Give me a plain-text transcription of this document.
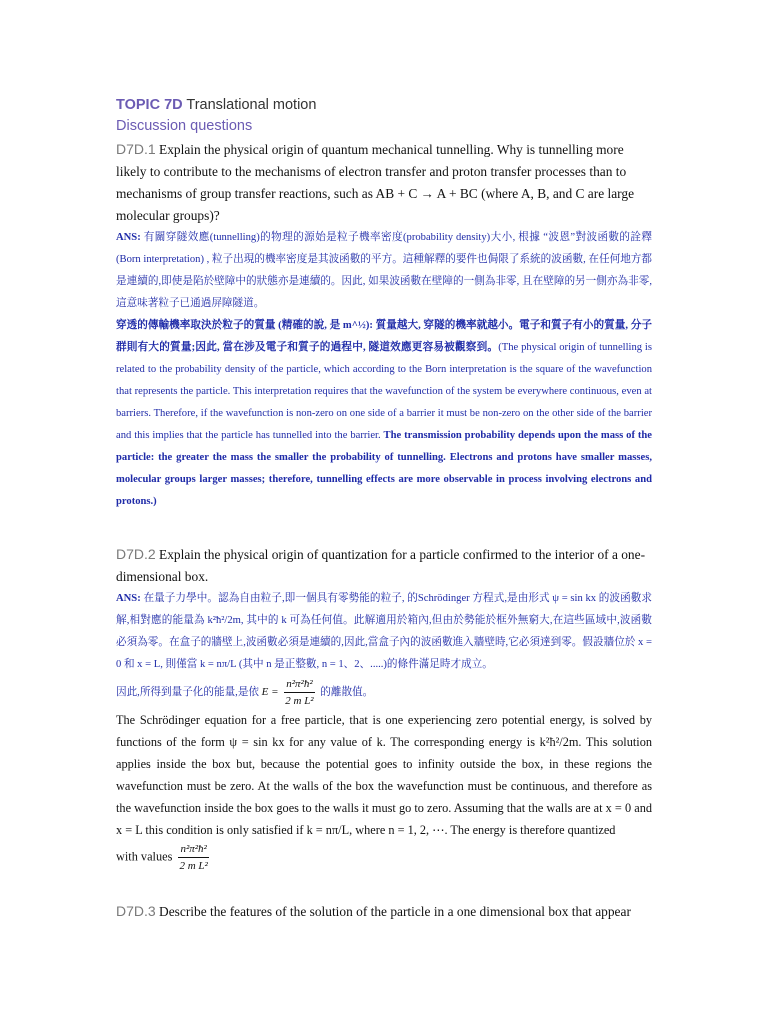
TOPIC 7D Translational motion
Discussion questions
D7D.1 Explain the physical origin of quantum mechanical tunnelling. Why is tunnelling more likely to contribute to the mechanisms of electron transfer and proton transfer processes than to mechanisms of group transfer reactions, such as AB + C → A + BC (where A, B, and C are large molecular groups)?
ANS: 有關穿隧效應(tunnelling)的物理的源始是粒子機率密度(probability density)大小, 根據 “波恩”對波函數的詮釋(Born interpretation) , 粒子出現的機率密度是其波函數的平方。這種解釋的要件也侷限了系統的波函數, 在任何地方都是連續的,即使是陷於壁障中的狀態亦是連續的。因此, 如果波函數在壁障的一側為非零, 且在壁障的另一側亦為非零, 這意味著粒子已通過屏障隧道。
穿透的傳輸機率取決於粒子的質量 (精確的說, 是 m^½): 質量越大, 穿隧的機率就越小。電子和質子有小的質量, 分子群則有大的質量;因此, 當在涉及電子和質子的過程中, 隧道效應更容易被觀察到。(The physical origin of tunnelling is related to the probability density of the particle, which according to the Born interpretation is the square of the wavefunction that represents the particle. This interpretation requires that the wavefunction of the system be everywhere continuous, even at barriers. Therefore, if the wavefunction is non-zero on one side of a barrier it must be non-zero on the other side of the barrier and this implies that the particle has tunnelled into the barrier. The transmission probability depends upon the mass of the particle: the greater the mass the smaller the probability of tunnelling. Electrons and protons have smaller masses, molecular groups larger masses; therefore, tunnelling effects are more observable in process involving electrons and protons.)
D7D.2 Explain the physical origin of quantization for a particle confirmed to the interior of a one-dimensional box.
ANS: 在量子力學中。認為自由粒子,即一個具有零勢能的粒子, 的Schrödinger 方程式,是由形式 ψ = sin kx 的波函數求解,相對應的能量為 k²ħ²/2m, 其中的 k 可為任何值。此解適用於箱內,但由於勢能於框外無窮大,在這些區域中,波函數必須為零。在盒子的牆壁上,波函數必須是連續的,因此,當盒子內的波函數進入牆壁時,它必須達到零。假設牆位於 x = 0 和 x = L, 則僅當 k = nπ/L (其中 n 是正整數, n = 1、2、.....)的條件滿足時才成立。
因此,所得到量子化的能量,是依 $E = \frac{\text{n²π²ħ²}}{\text{2 m L²}}$ 的離散值。
The Schrödinger equation for a free particle, that is one experiencing zero potential energy, is solved by functions of the form ψ = sin kx for any value of k. The corresponding energy is k²ħ²/2m. This solution applies inside the box but, because the potential goes to infinity outside the box, in these regions the wavefunction must be zero. At the walls of the box the wavefunction must be continuous, and therefore as the wavefunction inside the box goes to the walls it must go to zero. Assuming that the walls are at x = 0 and x = L this condition is only satisfied if k = nπ/L, where n = 1, 2, ⋯. The energy is therefore quantized
with values $\frac{\text{n²π²ħ²}}{\text{2 m L²}}$
D7D.3 Describe the features of the solution of the particle in a one dimensional box that appear
